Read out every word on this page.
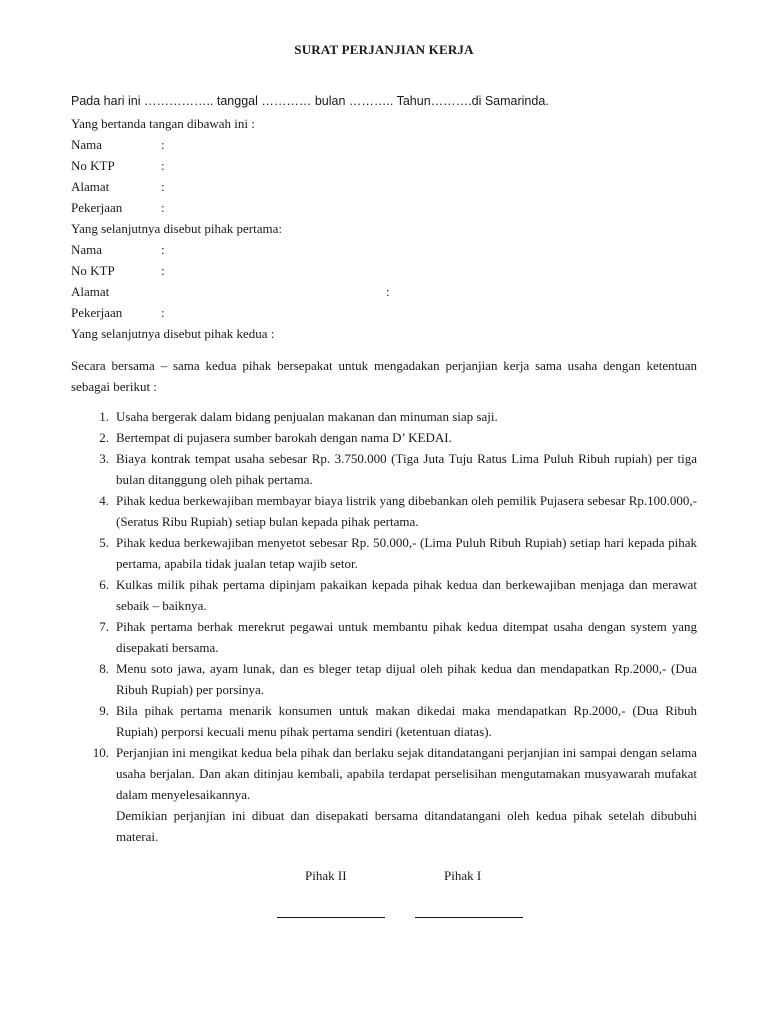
SURAT PERJANJIAN KERJA
Pada hari ini …………….. tanggal ………… bulan ……….. Tahun……….di Samarinda.
Yang bertanda tangan dibawah ini :
Nama	:
No KTP	:
Alamat	:
Pekerjaan	:
Yang selanjutnya disebut pihak pertama:
Nama	:
No KTP	:
Alamat	:
Pekerjaan	:
Yang selanjutnya disebut pihak kedua :
Secara bersama – sama kedua pihak bersepakat untuk mengadakan perjanjian kerja sama usaha dengan ketentuan sebagai berikut :
1. Usaha bergerak dalam bidang penjualan makanan dan minuman siap saji.
2. Bertempat di pujasera sumber barokah dengan nama D’ KEDAI.
3. Biaya kontrak tempat usaha sebesar Rp. 3.750.000 (Tiga Juta Tuju Ratus Lima Puluh Ribuh rupiah) per tiga bulan ditanggung oleh pihak pertama.
4. Pihak kedua berkewajiban membayar biaya listrik yang dibebankan oleh pemilik Pujasera sebesar Rp.100.000,- (Seratus Ribu Rupiah) setiap bulan kepada pihak pertama.
5. Pihak kedua berkewajiban menyetot sebesar Rp. 50.000,- (Lima Puluh Ribuh Rupiah) setiap hari kepada pihak pertama, apabila tidak jualan tetap wajib setor.
6. Kulkas milik pihak pertama dipinjam pakaikan kepada pihak kedua dan berkewajiban menjaga dan merawat sebaik – baiknya.
7. Pihak pertama berhak merekrut pegawai untuk membantu pihak kedua ditempat usaha dengan system yang disepakati bersama.
8. Menu soto jawa, ayam lunak, dan es bleger tetap dijual oleh pihak kedua dan mendapatkan Rp.2000,- (Dua Ribuh Rupiah) per porsinya.
9. Bila pihak pertama menarik konsumen untuk makan dikedai maka mendapatkan Rp.2000,- (Dua Ribuh Rupiah) perporsi kecuali menu pihak pertama sendiri (ketentuan diatas).
10. Perjanjian ini mengikat kedua bela pihak dan berlaku sejak ditandatangani perjanjian ini sampai dengan selama usaha berjalan. Dan akan ditinjau kembali, apabila terdapat perselisihan mengutamakan musyawarah mufakat dalam menyelesaikannya.
Demikian perjanjian ini dibuat dan disepakati bersama ditandatangani oleh kedua pihak setelah dibubuhi materai.
Pihak II	Pihak I
